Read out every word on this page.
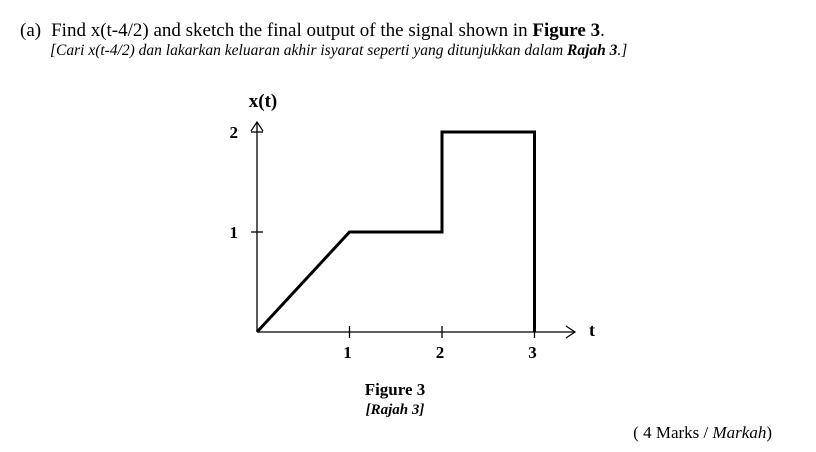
(a) Find x(t-4/2) and sketch the final output of the signal shown in Figure 3.
[Cari x(t-4/2) dan lakarkan keluaran akhir isyarat seperti yang ditunjukkan dalam Rajah 3.]
1
2
1	2	3
x(t)
t
Figure 3
[Rajah 3]
( 4 Marks / Markah)
